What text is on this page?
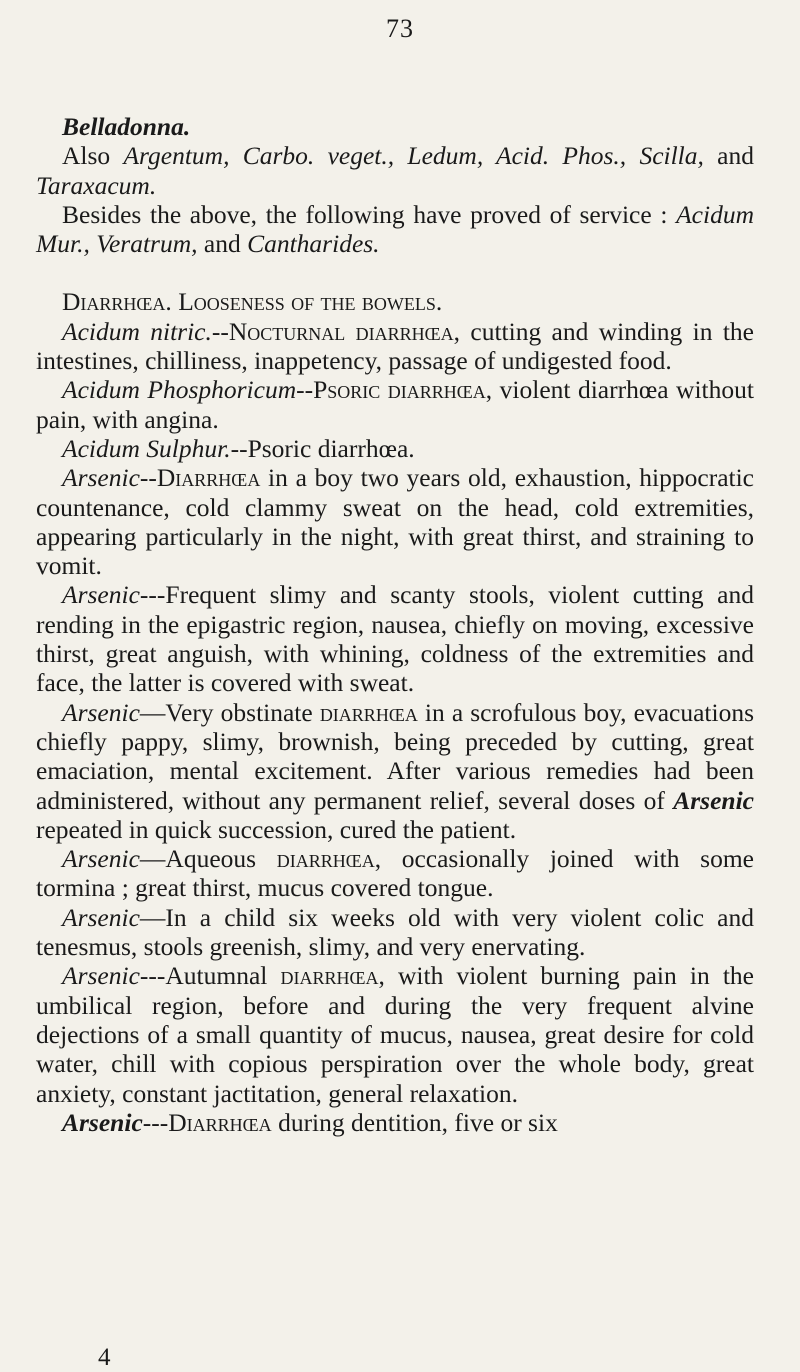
73

Belladonna.

Also Argentum, Carbo. veget., Ledum, Acid. Phos., Scilla, and Taraxacum.

Besides the above, the following have proved of service : Acidum Mur., Veratrum, and Cantharides.

Diarrhœa. Looseness of the bowels.

Acidum nitric.--Nocturnal diarrhœa, cutting and winding in the intestines, chilliness, inappetency, passage of undigested food.

Acidum Phosphoricum--Psoric diarrhœa, violent diarrhœa without pain, with angina.

Acidum Sulphur.--Psoric diarrhœa.

Arsenic--Diarrhœa in a boy two years old, exhaustion, hippocratic countenance, cold clammy sweat on the head, cold extremities, appearing particularly in the night, with great thirst, and straining to vomit.

Arsenic---Frequent slimy and scanty stools, violent cutting and rending in the epigastric region, nausea, chiefly on moving, excessive thirst, great anguish, with whining, coldness of the extremities and face, the latter is covered with sweat.

Arsenic—Very obstinate diarrhœa in a scrofulous boy, evacuations chiefly pappy, slimy, brownish, being preceded by cutting, great emaciation, mental excitement. After various remedies had been administered, without any permanent relief, several doses of Arsenic repeated in quick succession, cured the patient.

Arsenic—Aqueous diarrhœa, occasionally joined with some tormina ; great thirst, mucus covered tongue.

Arsenic—In a child six weeks old with very violent colic and tenesmus, stools greenish, slimy, and very enervating.

Arsenic---Autumnal diarrhœa, with violent burning pain in the umbilical region, before and during the very frequent alvine dejections of a small quantity of mucus, nausea, great desire for cold water, chill with copious perspiration over the whole body, great anxiety, constant jactitation, general relaxation.

Arsenic---Diarrhœa during dentition, five or six

4
